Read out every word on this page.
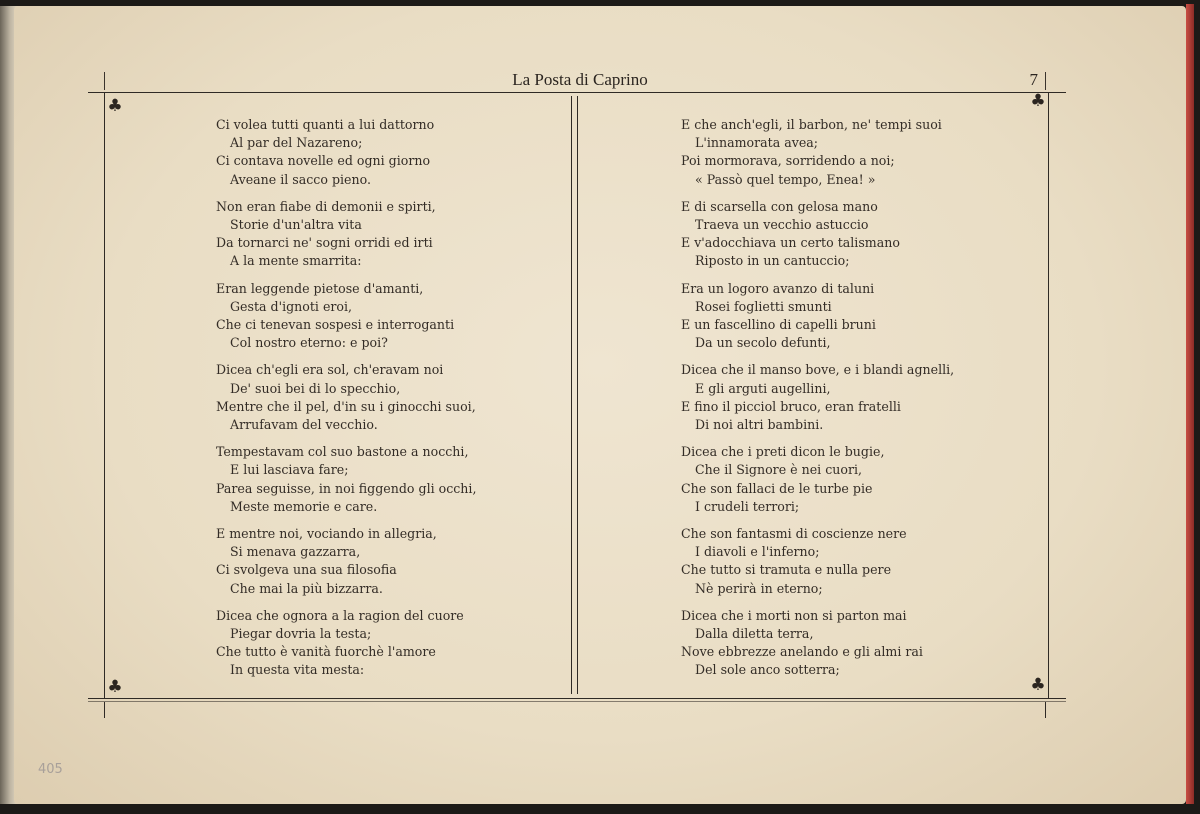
La Posta di Caprino	7
♣	♣
♣	♣
Ci volea tutti quanti a lui dattorno
Al par del Nazareno;
Ci contava novelle ed ogni giorno
Aveane il sacco pieno.
Non eran fiabe di demonii e spirti,
Storie d'un'altra vita
Da tornarci ne' sogni orridi ed irti
A la mente smarrita:
Eran leggende pietose d'amanti,
Gesta d'ignoti eroi,
Che ci tenevan sospesi e interroganti
Col nostro eterno: e poi?
Dicea ch'egli era sol, ch'eravam noi
De' suoi bei di lo specchio,
Mentre che il pel, d'in su i ginocchi suoi,
Arrufavam del vecchio.
Tempestavam col suo bastone a nocchi,
E lui lasciava fare;
Parea seguisse, in noi figgendo gli occhi,
Meste memorie e care.
E mentre noi, vociando in allegria,
Si menava gazzarra,
Ci svolgeva una sua filosofia
Che mai la più bizzarra.
Dicea che ognora a la ragion del cuore
Piegar dovria la testa;
Che tutto è vanità fuorchè l'amore
In questa vita mesta:
E che anch'egli, il barbon, ne' tempi suoi
L'innamorata avea;
Poi mormorava, sorridendo a noi;
« Passò quel tempo, Enea! »
E di scarsella con gelosa mano
Traeva un vecchio astuccio
E v'adocchiava un certo talismano
Riposto in un cantuccio;
Era un logoro avanzo di taluni
Rosei foglietti smunti
E un fascellino di capelli bruni
Da un secolo defunti,
Dicea che il manso bove, e i blandi agnelli,
E gli arguti augellini,
E fino il picciol bruco, eran fratelli
Di noi altri bambini.
Dicea che i preti dicon le bugie,
Che il Signore è nei cuori,
Che son fallaci de le turbe pie
I crudeli terrori;
Che son fantasmi di coscienze nere
I diavoli e l'inferno;
Che tutto si tramuta e nulla pere
Nè perirà in eterno;
Dicea che i morti non si parton mai
Dalla diletta terra,
Nove ebbrezze anelando e gli almi rai
Del sole anco sotterra;
405
